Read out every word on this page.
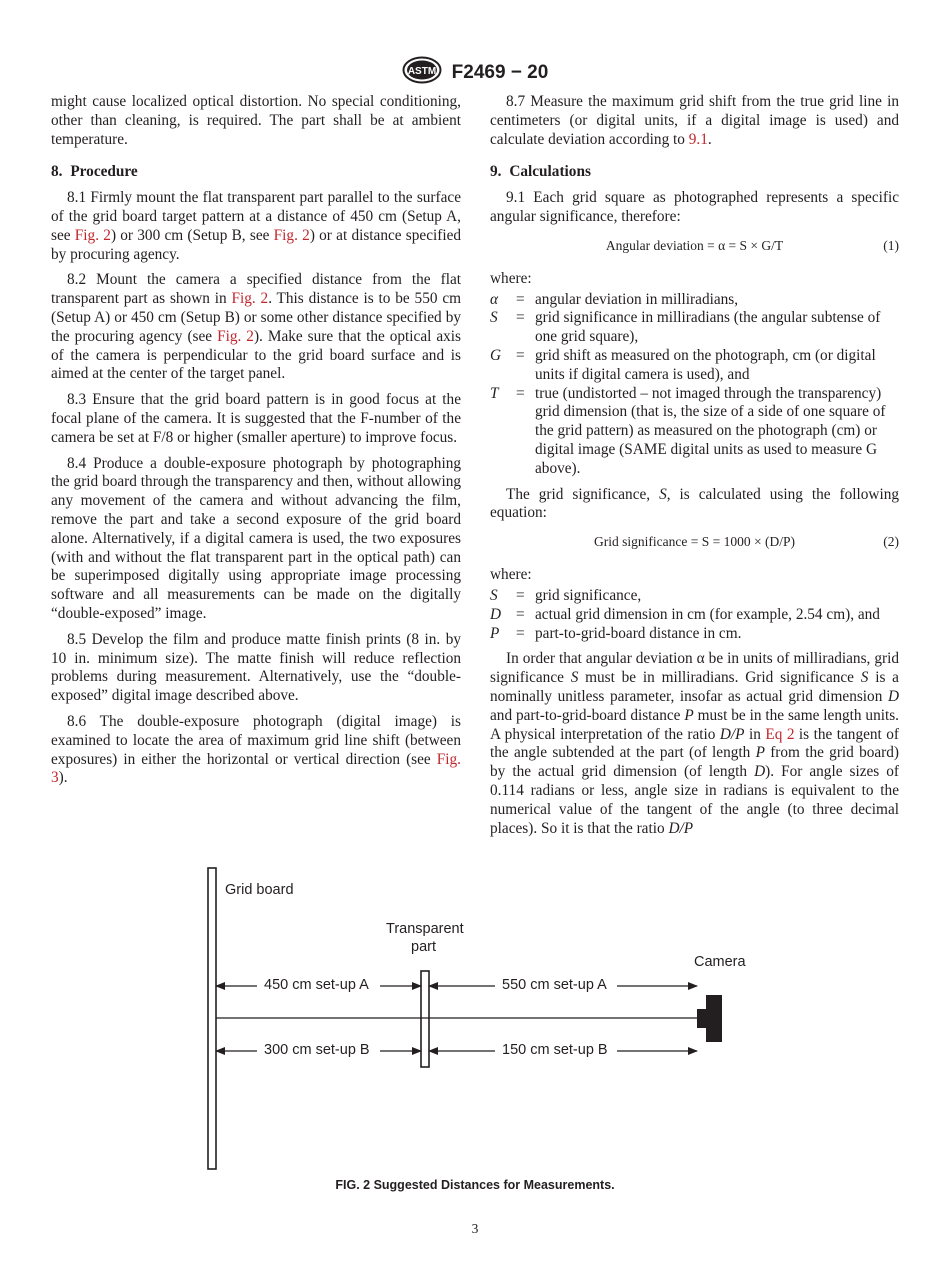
ASTM F2469 − 20

might cause localized optical distortion. No special conditioning, other than cleaning, is required. The part shall be at ambient temperature.

8. Procedure

8.1 Firmly mount the flat transparent part parallel to the surface of the grid board target pattern at a distance of 450 cm (Setup A, see Fig. 2) or 300 cm (Setup B, see Fig. 2) or at distance specified by procuring agency.

8.2 Mount the camera a specified distance from the flat transparent part as shown in Fig. 2. This distance is to be 550 cm (Setup A) or 450 cm (Setup B) or some other distance specified by the procuring agency (see Fig. 2). Make sure that the optical axis of the camera is perpendicular to the grid board surface and is aimed at the center of the target panel.

8.3 Ensure that the grid board pattern is in good focus at the focal plane of the camera. It is suggested that the F-number of the camera be set at F/8 or higher (smaller aperture) to improve focus.

8.4 Produce a double-exposure photograph by photographing the grid board through the transparency and then, without allowing any movement of the camera and without advancing the film, remove the part and take a second exposure of the grid board alone. Alternatively, if a digital camera is used, the two exposures (with and without the flat transparent part in the optical path) can be superimposed digitally using appropriate image processing software and all measurements can be made on the digitally “double-exposed” image.

8.5 Develop the film and produce matte finish prints (8 in. by 10 in. minimum size). The matte finish will reduce reflection problems during measurement. Alternatively, use the “double-exposed” digital image described above.

8.6 The double-exposure photograph (digital image) is examined to locate the area of maximum grid line shift (between exposures) in either the horizontal or vertical direction (see Fig. 3).

8.7 Measure the maximum grid shift from the true grid line in centimeters (or digital units, if a digital image is used) and calculate deviation according to 9.1.

9. Calculations

9.1 Each grid square as photographed represents a specific angular significance, therefore:

Angular deviation = α = S × G/T	(1)

where:

α	= angular deviation in milliradians,
S	= grid significance in milliradians (the angular subtense of one grid square),
G = grid shift as measured on the photograph, cm (or digital units if digital camera is used), and
T	= true (undistorted – not imaged through the transparency) grid dimension (that is, the size of a side of one square of the grid pattern) as measured on the photograph (cm) or digital image (SAME digital units as used to measure G above).

The grid significance, S, is calculated using the following equation:

Grid significance = S = 1000 × (D/P)	(2)

where:

S	= grid significance,
D = actual grid dimension in cm (for example, 2.54 cm), and
P	= part-to-grid-board distance in cm.

In order that angular deviation α be in units of milliradians, grid significance S must be in milliradians. Grid significance S is a nominally unitless parameter, insofar as actual grid dimension D and part-to-grid-board distance P must be in the same length units. A physical interpretation of the ratio D/P in Eq 2 is the tangent of the angle subtended at the part (of length P from the grid board) by the actual grid dimension (of length D). For angle sizes of 0.114 radians or less, angle size in radians is equivalent to the numerical value of the tangent of the angle (to three decimal places). So it is that the ratio D/P

Grid board
Transparent
part
Camera
450 cm set-up A	550 cm set-up A
300 cm set-up B	150 cm set-up B
FIG. 2 Suggested Distances for Measurements.
3
